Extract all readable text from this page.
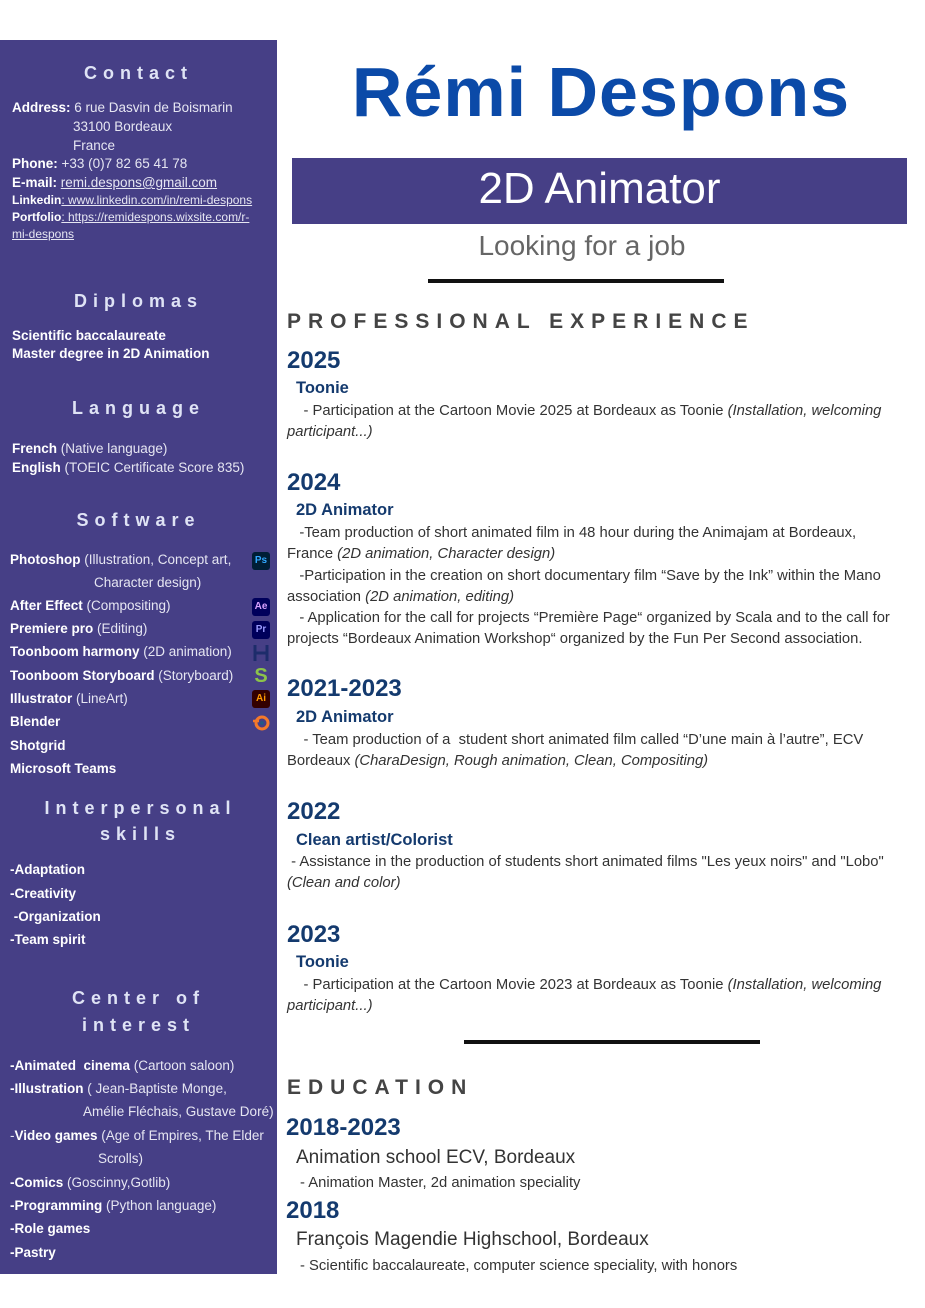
Contact
Address: 6 rue Dasvin de Boismarin
33100 Bordeaux
France
Phone: +33 (0)7 82 65 41 78
E-mail: remi.despons@gmail.com
Linkedin: www.linkedin.com/in/remi-despons
Portfolio: https://remidespons.wixsite.com/r-
mi-despons
Diplomas
Scientific baccalaureate
Master degree in 2D Animation
Language
French (Native language)
English (TOEIC Certificate Score 835)
Software
Photoshop (Illustration, Concept art,
Character design)
After Effect (Compositing)
Premiere pro (Editing)
Toonboom harmony (2D animation)
Toonboom Storyboard (Storyboard)
Illustrator (LineArt)
Blender
Shotgrid
Microsoft Teams
Ps
Ae
Pr
S
Ai
Interpersonal
skills
-Adaptation
-Creativity
-Organization
-Team spirit
Center of
interest
-Animated  cinema (Cartoon saloon)
-Illustration ( Jean-Baptiste Monge,
Amélie Fléchais, Gustave Doré)
-Video games (Age of Empires, The Elder
Scrolls)
-Comics (Goscinny,Gotlib)
-Programming (Python language)
-Role games
-Pastry
Rémi Despons
2D Animator
Looking for a job
PROFESSIONAL EXPERIENCE
2025
Toonie
- Participation at the Cartoon Movie 2025 at Bordeaux as Toonie (Installation, welcoming
participant...)
2024
2D Animator
-Team production of short animated film in 48 hour during the Animajam at Bordeaux,
France (2D animation, Character design)
-Participation in the creation on short documentary film “Save by the Ink” within the Mano
association (2D animation, editing)
- Application for the call for projects “Première Page“ organized by Scala and to the call for
projects “Bordeaux Animation Workshop“ organized by the Fun Per Second association.
2021-2023
2D Animator
- Team production of a  student short animated film called “D’une main à l’autre”, ECV
Bordeaux (CharaDesign, Rough animation, Clean, Compositing)
2022
Clean artist/Colorist
- Assistance in the production of students short animated films "Les yeux noirs" and "Lobo"
(Clean and color)
2023
Toonie
- Participation at the Cartoon Movie 2023 at Bordeaux as Toonie (Installation, welcoming
participant...)
EDUCATION
2018-2023
Animation school ECV, Bordeaux
- Animation Master, 2d animation speciality
2018
François Magendie Highschool, Bordeaux
- Scientific baccalaureate, computer science speciality, with honors
